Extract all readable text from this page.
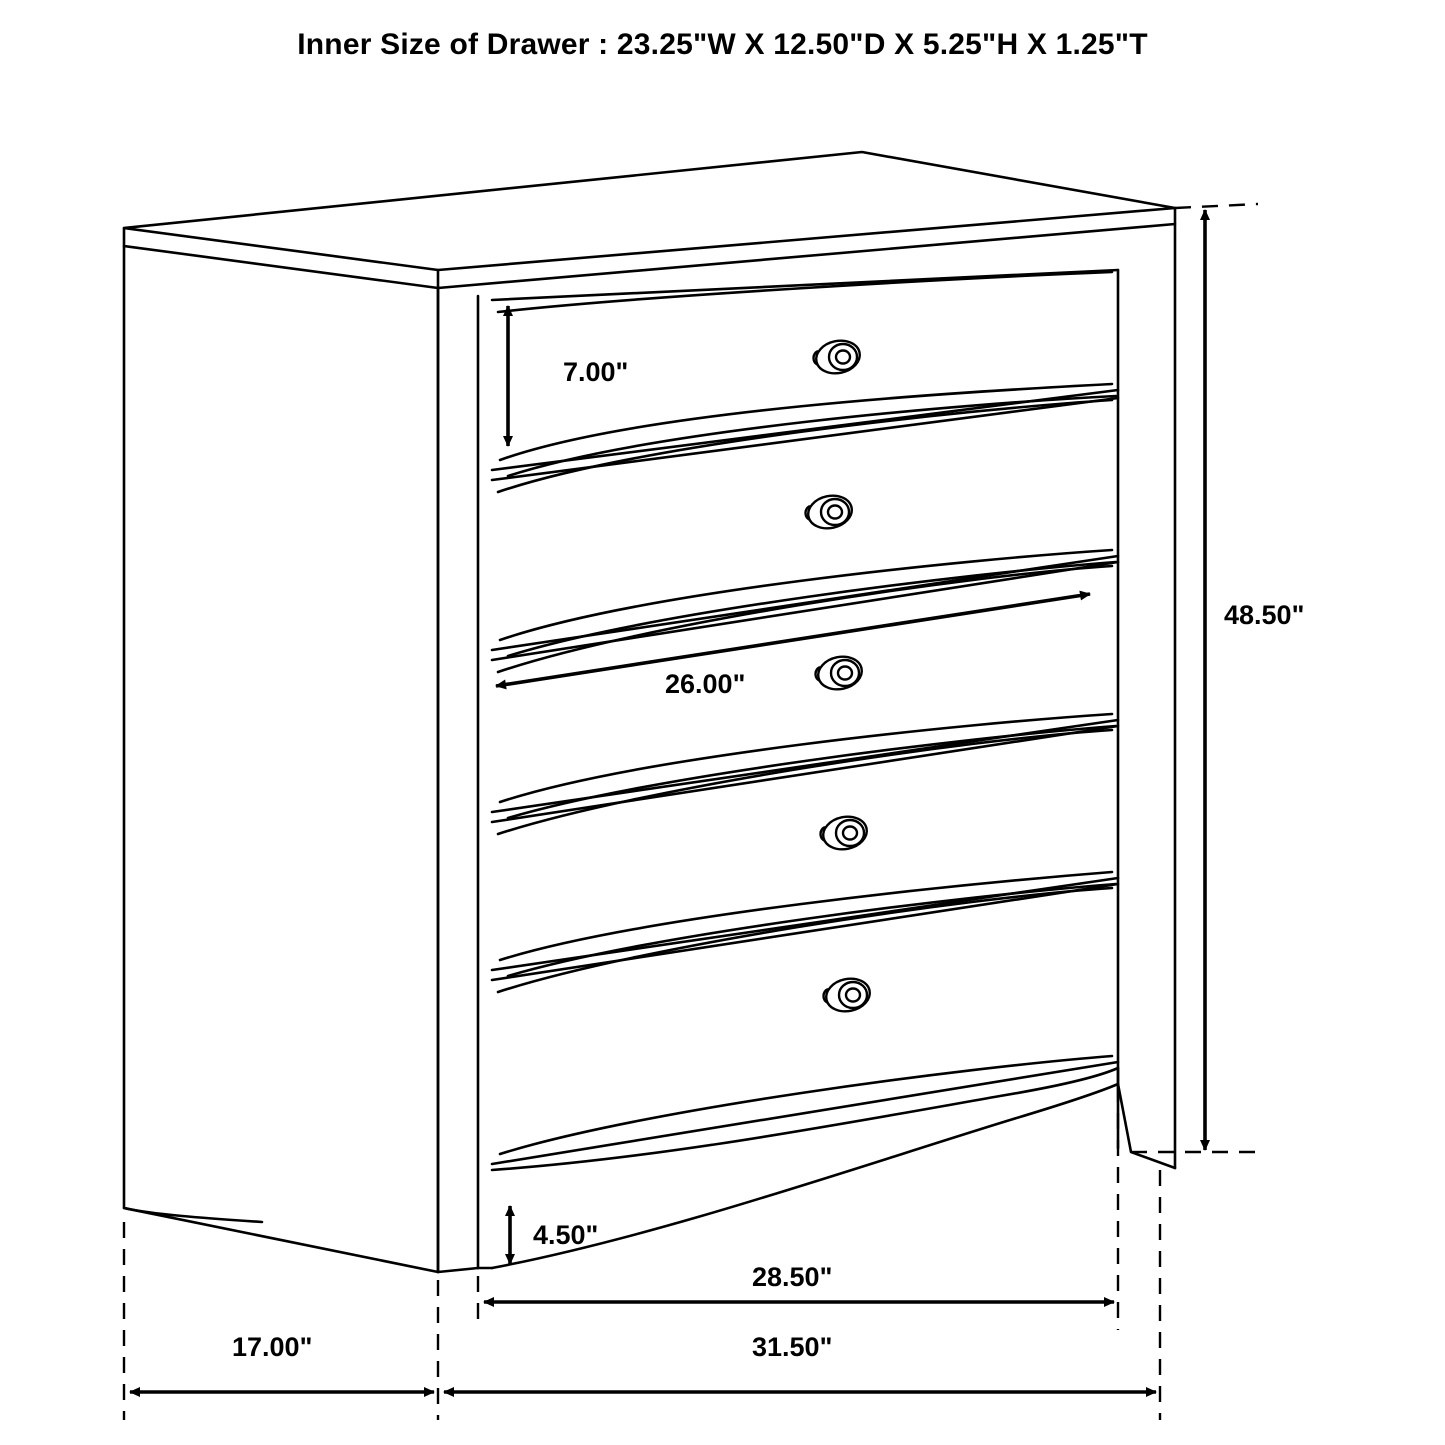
Inner Size of Drawer : 23.25"W X 12.50"D X 5.25"H X 1.25"T
7.00"
26.00"
48.50"
4.50"
28.50"
31.50"
17.00"
